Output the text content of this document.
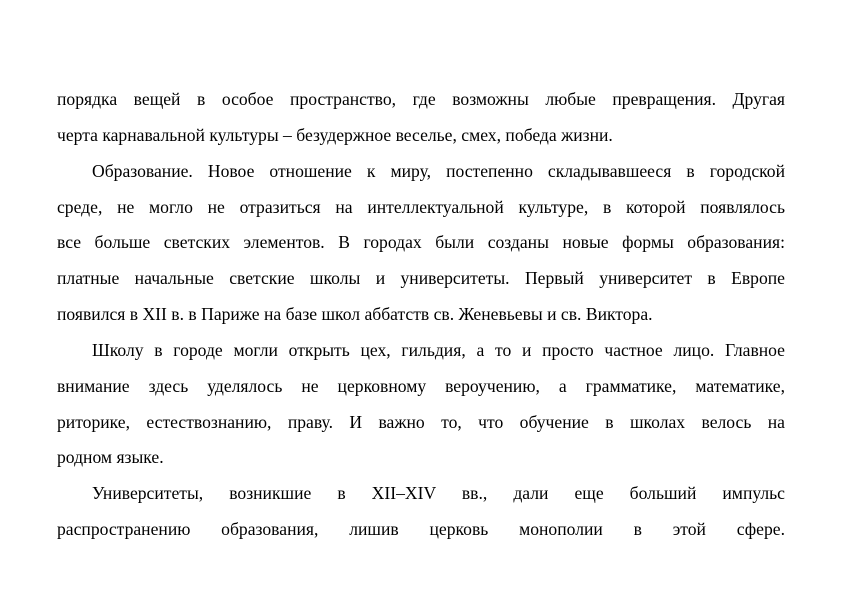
порядка вещей в особое пространство, где возможны любые превращения. Другая
черта карнавальной культуры – безудержное веселье, смех, победа жизни.
Образование. Новое отношение к миру, постепенно складывавшееся в городской
среде, не могло не отразиться на интеллектуальной культуре, в которой появлялось
все больше светских элементов. В городах были созданы новые формы образования:
платные начальные светские школы и университеты. Первый университет в Европе
появился в XII в. в Париже на базе школ аббатств св. Женевьевы и св. Виктора.
Школу в городе могли открыть цех, гильдия, а то и просто частное лицо. Главное
внимание здесь уделялось не церковному вероучению, а грамматике, математике,
риторике, естествознанию, праву. И важно то, что обучение в школах велось на
родном языке.
Университеты, возникшие в XII–XIV вв., дали еще больший импульс
распространению образования, лишив церковь монополии в этой сфере.
